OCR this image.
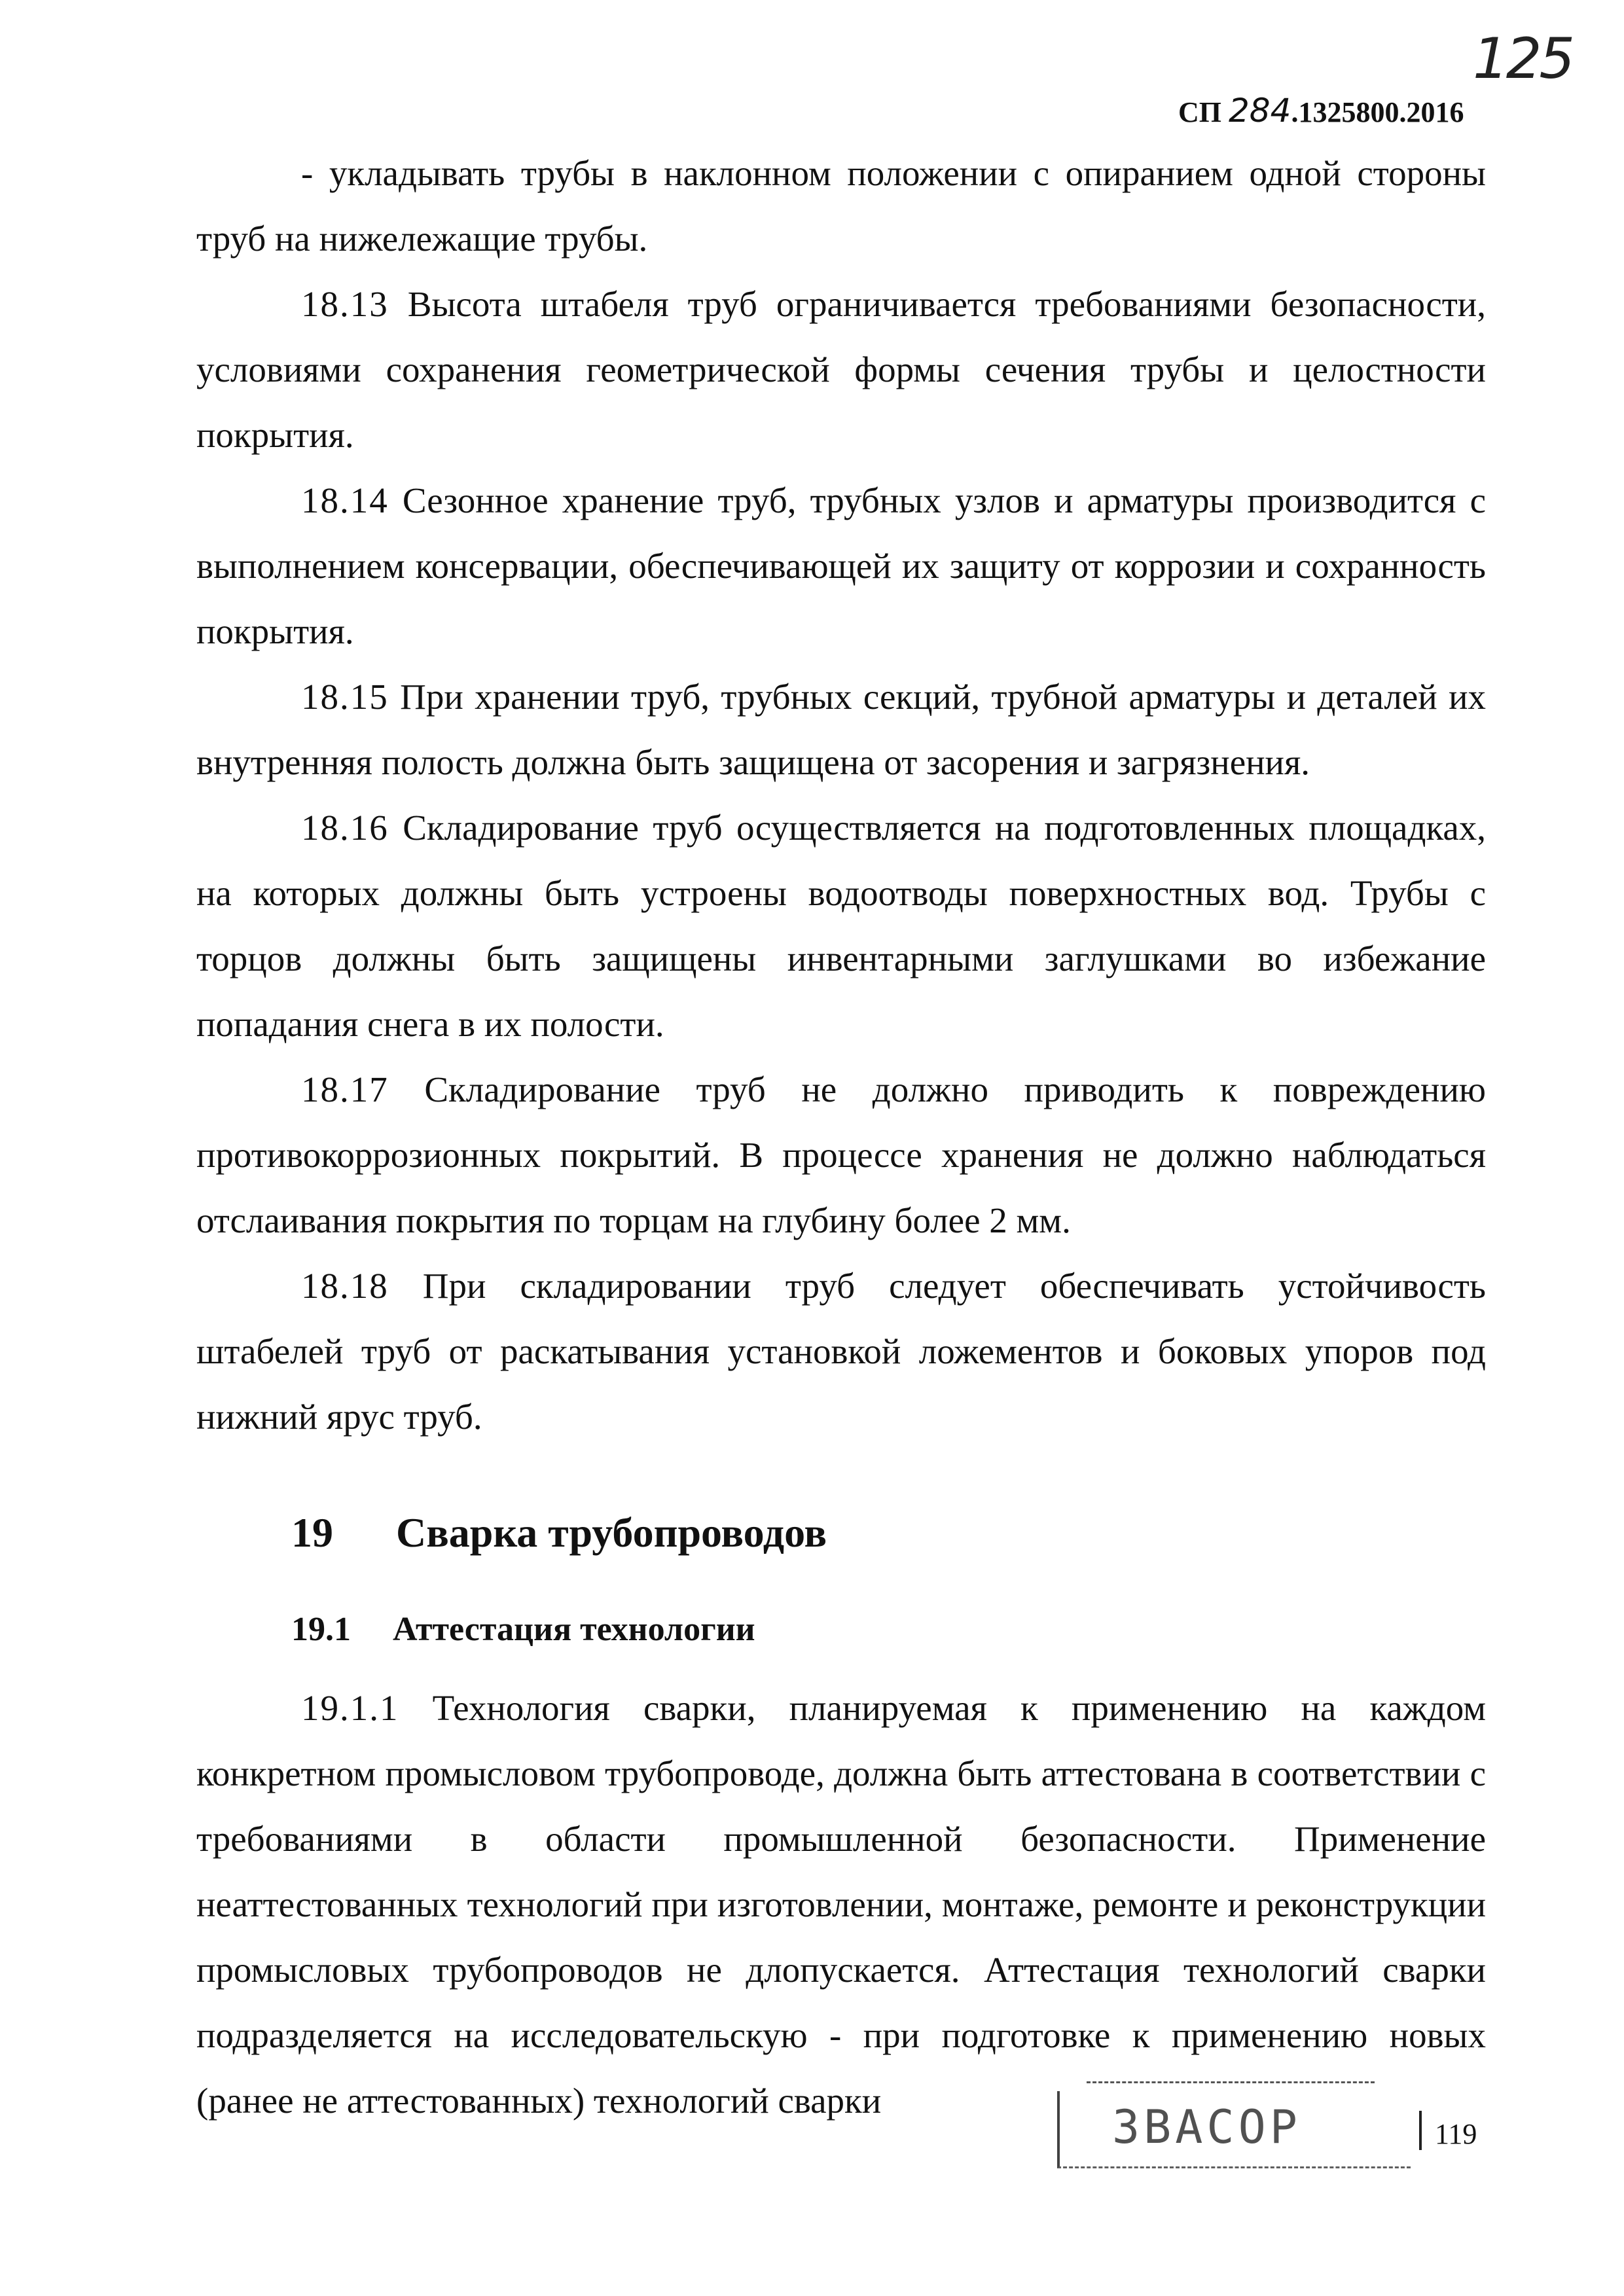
125
СП 284.1325800.2016

- укладывать трубы в наклонном положении с опиранием одной стороны труб на нижележащие трубы.

18.13 Высота штабеля труб ограничивается требованиями безопасности, условиями сохранения геометрической формы сечения трубы и целостности покрытия.

18.14 Сезонное хранение труб, трубных узлов и арматуры производится с выполнением консервации, обеспечивающей их защиту от коррозии и сохранность покрытия.

18.15 При хранении труб, трубных секций, трубной арматуры и деталей их внутренняя полость должна быть защищена от засорения и загрязнения.

18.16 Складирование труб осуществляется на подготовленных площадках, на которых должны быть устроены водоотводы поверхностных вод. Трубы с торцов должны быть защищены инвентарными заглушками во избежание попадания снега в их полости.

18.17 Складирование труб не должно приводить к повреждению противокоррозионных покрытий. В процессе хранения не должно наблюдаться отслаивания покрытия по торцам на глубину более 2 мм.

18.18 При складировании труб следует обеспечивать устойчивость штабелей труб от раскатывания установкой ложементов и боковых упоров под нижний ярус труб.

19 Сварка трубопроводов
19.1 Аттестация технологии

19.1.1 Технология сварки, планируемая к применению на каждом конкретном промысловом трубопроводе, должна быть аттестована в соответствии с требованиями в области промышленной безопасности. Применение неаттестованных технологий при изготовлении, монтаже, ремонте и реконструкции промысловых трубопроводов не длопускается. Аттестация технологий сварки подразделяется на исследовательскую - при подготовке к применению новых (ранее не аттестованных) технологий сварки	ЗВАСОР	119
